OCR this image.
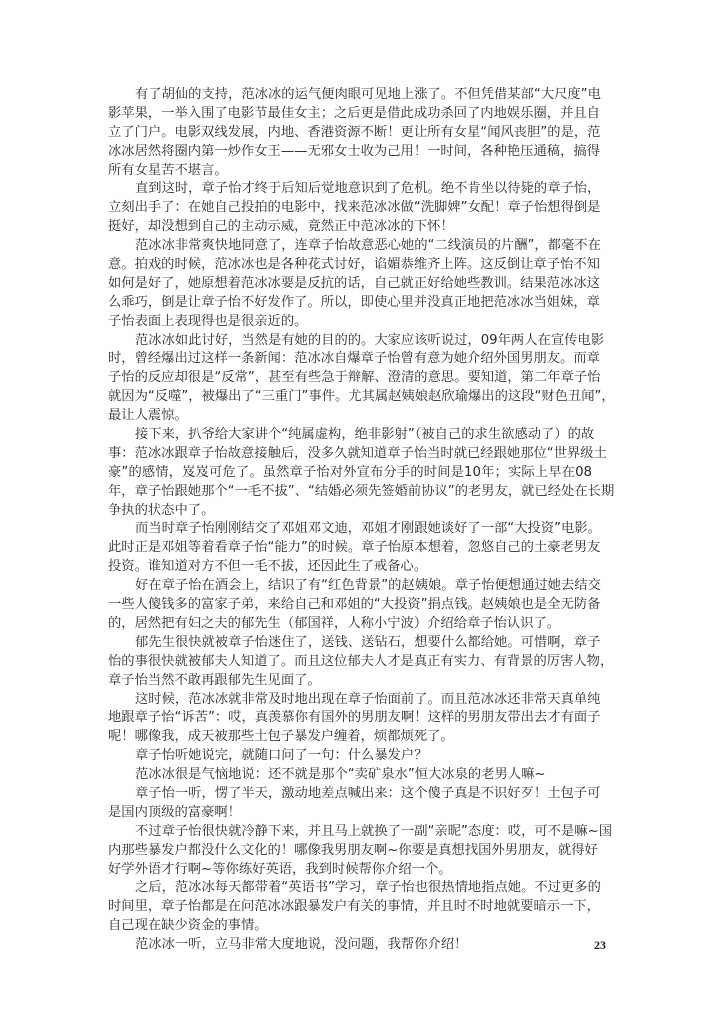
有了胡仙的支持，范冰冰的运气便肉眼可见地上涨了。不但凭借某部“大尺度”电
影苹果，一举入围了电影节最佳女主；之后更是借此成功杀回了内地娱乐圈，并且自
立了门户。电影双线发展，内地、香港资源不断！更让所有女星“闻风丧胆”的是，范
冰冰居然将圈内第一炒作女王——无邪女士收为己用！一时间，各种艳压通稿，搞得
所有女星苦不堪言。
直到这时，章子怡才终于后知后觉地意识到了危机。绝不肯坐以待毙的章子怡，
立刻出手了：在她自己投拍的电影中，找来范冰冰做“洗脚婢”女配！章子怡想得倒是
挺好，却没想到自己的主动示威，竟然正中范冰冰的下怀！
范冰冰非常爽快地同意了，连章子怡故意恶心她的“二线演员的片酬”，都毫不在
意。拍戏的时候，范冰冰也是各种花式讨好，谄媚恭维齐上阵。这反倒让章子怡不知
如何是好了，她原想着范冰冰要是反抗的话，自己就正好给她些教训。结果范冰冰这
么乖巧，倒是让章子怡不好发作了。所以，即使心里并没真正地把范冰冰当姐妹，章
子怡表面上表现得也是很亲近的。
范冰冰如此讨好，当然是有她的目的的。大家应该听说过，09年两人在宣传电影
时，曾经爆出过这样一条新闻：范冰冰自爆章子怡曾有意为她介绍外国男朋友。而章
子怡的反应却很是“反常”，甚至有些急于辩解、澄清的意思。要知道，第二年章子怡
就因为“反噬”，被爆出了“三重门”事件。尤其属赵姨娘赵欣瑜爆出的这段“财色丑闻”，
最让人震惊。
接下来，扒爷给大家讲个“纯属虚构，绝非影射”（被自己的求生欲感动了）的故
事：范冰冰跟章子怡故意接触后，没多久就知道章子怡当时就已经跟她那位“世界级土
豪”的感情，岌岌可危了。虽然章子怡对外宣布分手的时间是10年；实际上早在08
年，章子怡跟她那个“一毛不拔”、“结婚必须先签婚前协议”的老男友，就已经处在长期
争执的状态中了。
而当时章子怡刚刚结交了邓姐邓文迪，邓姐才刚跟她谈好了一部“大投资”电影。
此时正是邓姐等着看章子怡“能力”的时候。章子怡原本想着，忽悠自己的土豪老男友
投资。谁知道对方不但一毛不拔，还因此生了戒备心。
好在章子怡在酒会上，结识了有“红色背景”的赵姨娘。章子怡便想通过她去结交
一些人傻钱多的富家子弟，来给自己和邓姐的“大投资”捐点钱。赵姨娘也是全无防备
的，居然把有妇之夫的郁先生（郁国祥，人称小宁波）介绍给章子怡认识了。
郁先生很快就被章子怡迷住了，送钱、送钻石，想要什么都给她。可惜啊，章子
怡的事很快就被郁夫人知道了。而且这位郁夫人才是真正有实力、有背景的厉害人物，
章子怡当然不敢再跟郁先生见面了。
这时候，范冰冰就非常及时地出现在章子怡面前了。而且范冰冰还非常天真单纯
地跟章子怡“诉苦”：哎，真羡慕你有国外的男朋友啊！这样的男朋友带出去才有面子
呢！哪像我，成天被那些土包子暴发户缠着，烦都烦死了。
章子怡听她说完，就随口问了一句：什么暴发户？
范冰冰很是气恼地说：还不就是那个“卖矿泉水”恒大冰泉的老男人嘛~
章子怡一听，愣了半天，激动地差点喊出来：这个傻子真是不识好歹！土包子可
是国内顶级的富豪啊！
不过章子怡很快就冷静下来，并且马上就换了一副“亲昵”态度：哎，可不是嘛~国
内那些暴发户都没什么文化的！哪像我男朋友啊~你要是真想找国外男朋友，就得好
好学外语才行啊~等你练好英语，我到时候帮你介绍一个。
之后，范冰冰每天都带着“英语书”学习，章子怡也很热情地指点她。不过更多的
时间里，章子怡都是在问范冰冰跟暴发户有关的事情，并且时不时地就要暗示一下，
自己现在缺少资金的事情。
范冰冰一听，立马非常大度地说，没问题，我帮你介绍！	23
